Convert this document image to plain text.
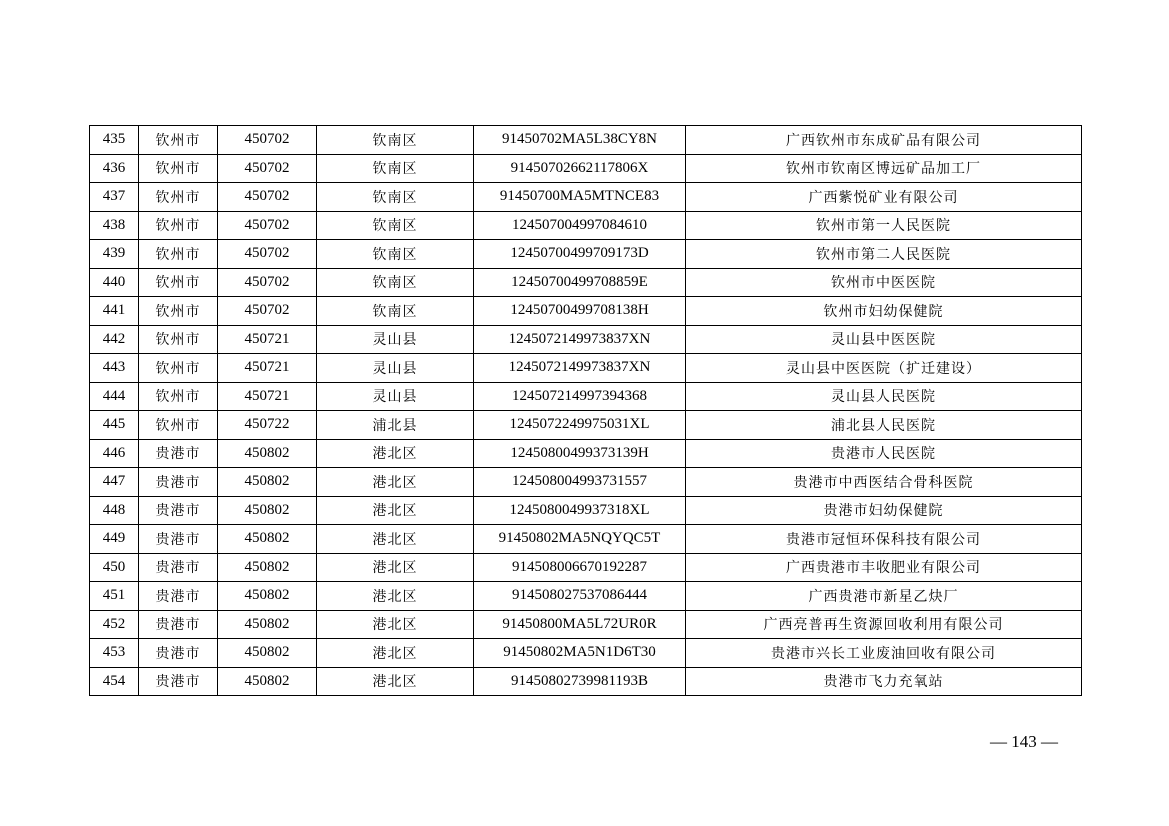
435	钦州市	450702	钦南区	91450702MA5L38CY8N	广西钦州市东成矿品有限公司
436	钦州市	450702	钦南区	91450702662117806X	钦州市钦南区博远矿品加工厂
437	钦州市	450702	钦南区	91450700MA5MTNCE83	广西紫悦矿业有限公司
438	钦州市	450702	钦南区	124507004997084610	钦州市第一人民医院
439	钦州市	450702	钦南区	12450700499709173D	钦州市第二人民医院
440	钦州市	450702	钦南区	12450700499708859E	钦州市中医医院
441	钦州市	450702	钦南区	12450700499708138H	钦州市妇幼保健院
442	钦州市	450721	灵山县	1245072149973837XN	灵山县中医医院
443	钦州市	450721	灵山县	1245072149973837XN	灵山县中医医院（扩迁建设）
444	钦州市	450721	灵山县	124507214997394368	灵山县人民医院
445	钦州市	450722	浦北县	1245072249975031XL	浦北县人民医院
446	贵港市	450802	港北区	12450800499373139H	贵港市人民医院
447	贵港市	450802	港北区	124508004993731557	贵港市中西医结合骨科医院
448	贵港市	450802	港北区	1245080049937318XL	贵港市妇幼保健院
449	贵港市	450802	港北区	91450802MA5NQYQC5T	贵港市冠恒环保科技有限公司
450	贵港市	450802	港北区	914508006670192287	广西贵港市丰收肥业有限公司
451	贵港市	450802	港北区	914508027537086444	广西贵港市新星乙炔厂
452	贵港市	450802	港北区	91450800MA5L72UR0R	广西亮普再生资源回收利用有限公司
453	贵港市	450802	港北区	91450802MA5N1D6T30	贵港市兴长工业废油回收有限公司
454	贵港市	450802	港北区	91450802739981193B	贵港市飞力充氧站
— 143 —
